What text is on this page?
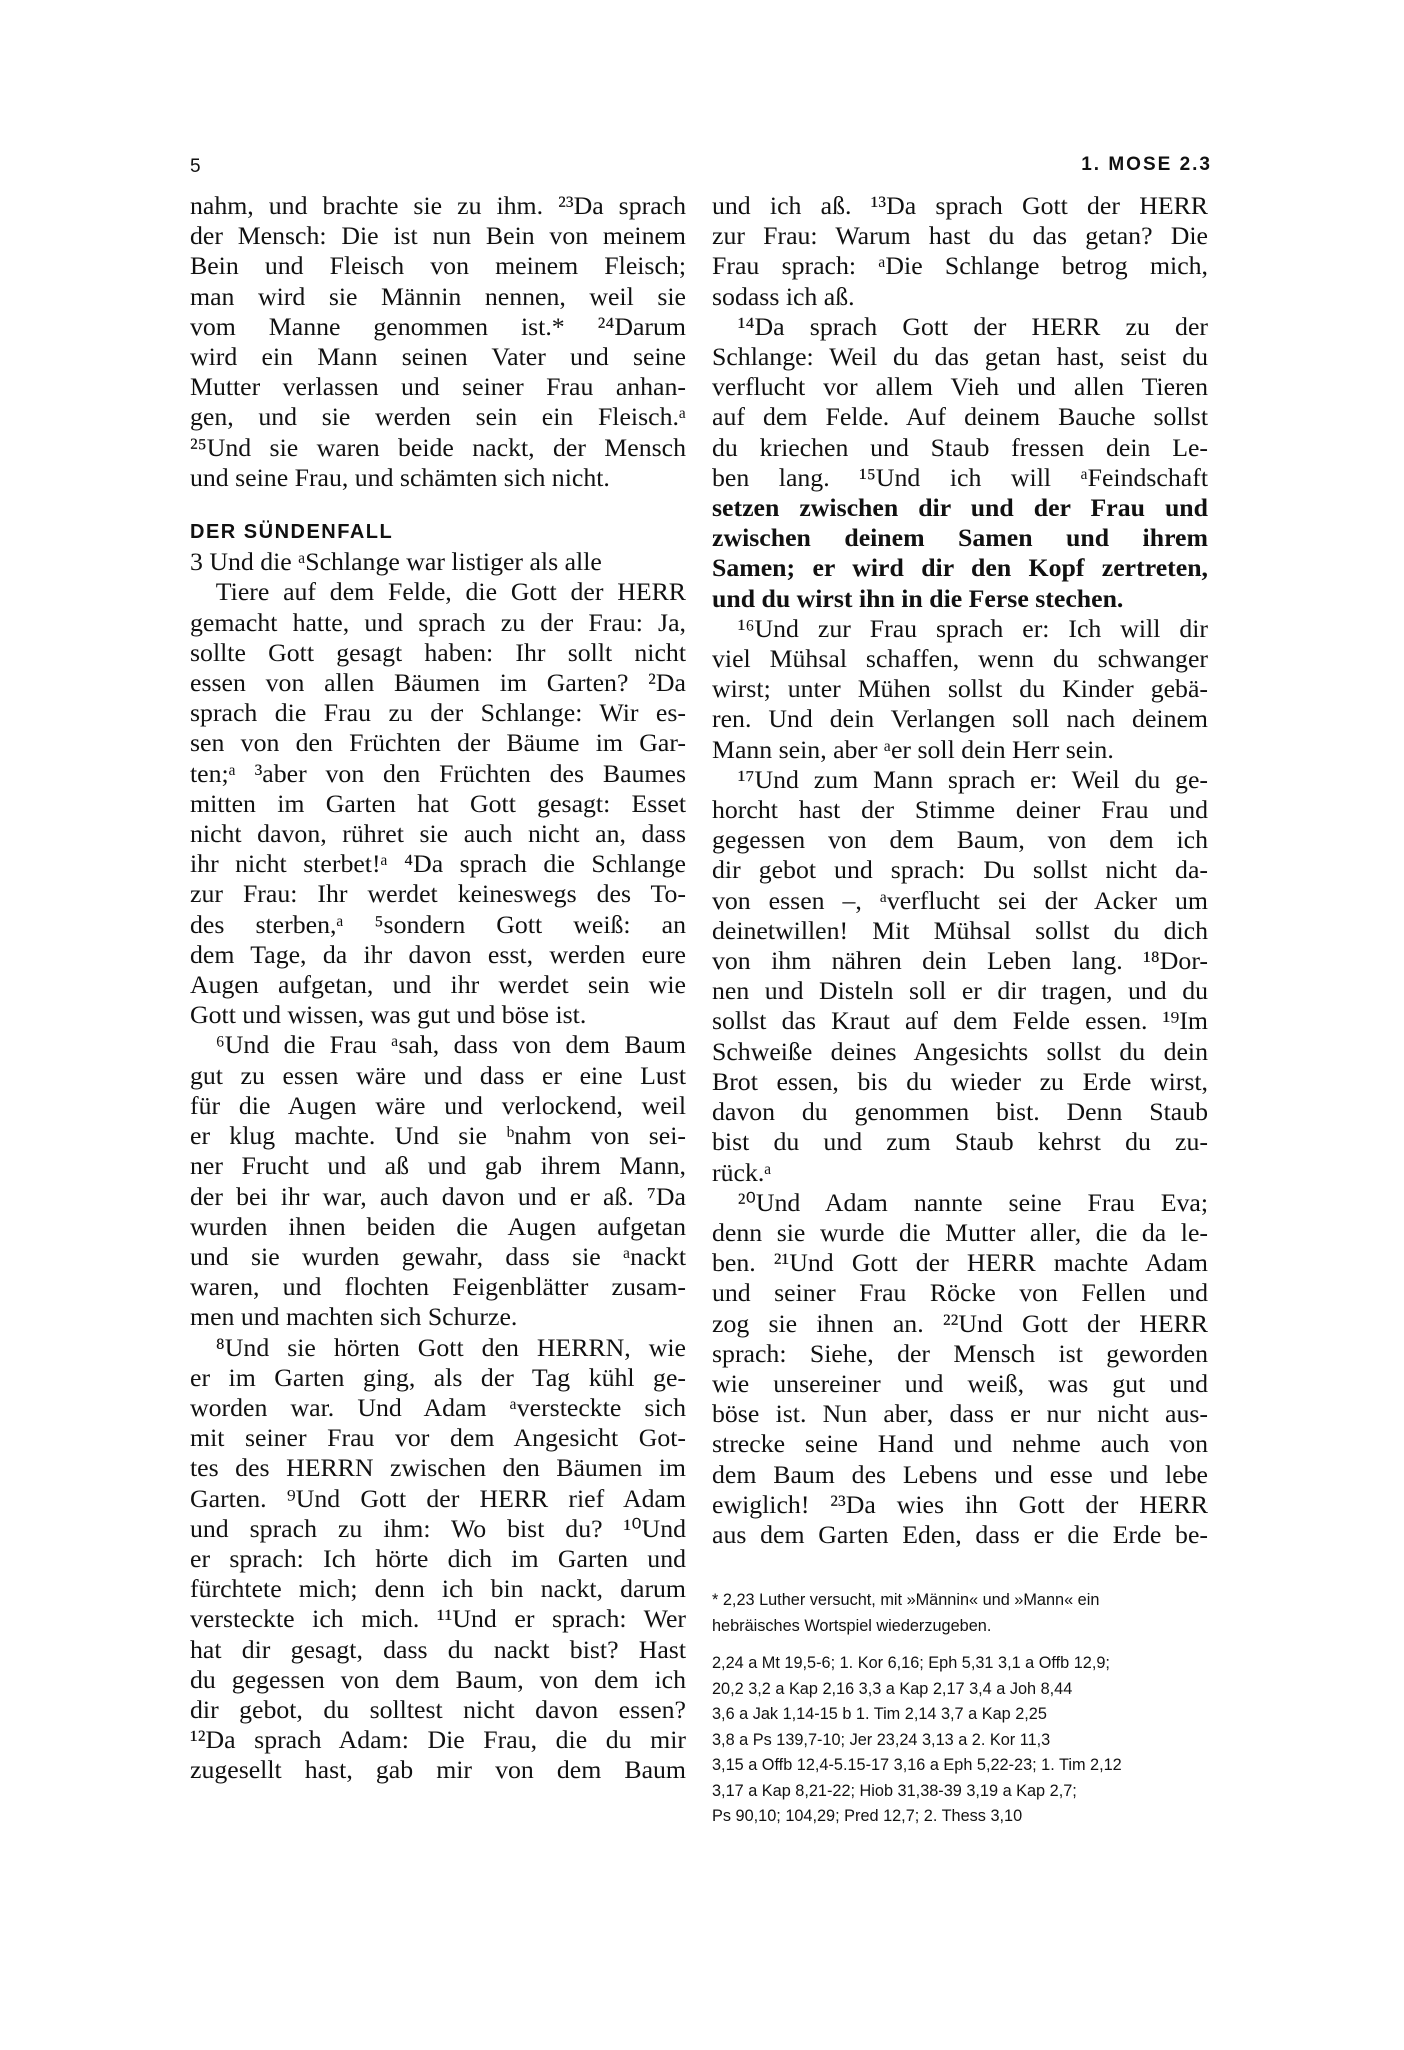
5	1. MOSE 2.3
nahm, und brachte sie zu ihm. ²³Da sprach
der Mensch: Die ist nun Bein von meinem
Bein und Fleisch von meinem Fleisch;
man wird sie Männin nennen, weil sie
vom Manne genommen ist.* ²⁴Darum
wird ein Mann seinen Vater und seine
Mutter verlassen und seiner Frau anhan-
gen, und sie werden sein ein Fleisch.ᵃ
²⁵Und sie waren beide nackt, der Mensch
und seine Frau, und schämten sich nicht.
DER SÜNDENFALL
3 Und die ᵃSchlange war listiger als alle
 Tiere auf dem Felde, die Gott der HERR
gemacht hatte, und sprach zu der Frau: Ja,
sollte Gott gesagt haben: Ihr sollt nicht
essen von allen Bäumen im Garten? ²Da
sprach die Frau zu der Schlange: Wir es-
sen von den Früchten der Bäume im Gar-
ten;ᵃ ³aber von den Früchten des Baumes
mitten im Garten hat Gott gesagt: Esset
nicht davon, rühret sie auch nicht an, dass
ihr nicht sterbet!ᵃ ⁴Da sprach die Schlange
zur Frau: Ihr werdet keineswegs des To-
des sterben,ᵃ ⁵sondern Gott weiß: an
dem Tage, da ihr davon esst, werden eure
Augen aufgetan, und ihr werdet sein wie
Gott und wissen, was gut und böse ist.
 ⁶Und die Frau ᵃsah, dass von dem Baum
gut zu essen wäre und dass er eine Lust
für die Augen wäre und verlockend, weil
er klug machte. Und sie ᵇnahm von sei-
ner Frucht und aß und gab ihrem Mann,
der bei ihr war, auch davon und er aß. ⁷Da
wurden ihnen beiden die Augen aufgetan
und sie wurden gewahr, dass sie ᵃnackt
waren, und flochten Feigenblätter zusam-
men und machten sich Schurze.
 ⁸Und sie hörten Gott den HERRN, wie
er im Garten ging, als der Tag kühl ge-
worden war. Und Adam ᵃversteckte sich
mit seiner Frau vor dem Angesicht Got-
tes des HERRN zwischen den Bäumen im
Garten. ⁹Und Gott der HERR rief Adam
und sprach zu ihm: Wo bist du? ¹⁰Und
er sprach: Ich hörte dich im Garten und
fürchtete mich; denn ich bin nackt, darum
versteckte ich mich. ¹¹Und er sprach: Wer
hat dir gesagt, dass du nackt bist? Hast
du gegessen von dem Baum, von dem ich
dir gebot, du solltest nicht davon essen?
¹²Da sprach Adam: Die Frau, die du mir
zugesellt hast, gab mir von dem Baum
und ich aß. ¹³Da sprach Gott der HERR
zur Frau: Warum hast du das getan? Die
Frau sprach: ᵃDie Schlange betrog mich,
sodass ich aß.
 ¹⁴Da sprach Gott der HERR zu der
Schlange: Weil du das getan hast, seist du
verflucht vor allem Vieh und allen Tieren
auf dem Felde. Auf deinem Bauche sollst
du kriechen und Staub fressen dein Le-
ben lang. ¹⁵Und ich will ᵃFeindschaft
setzen zwischen dir und der Frau und
zwischen deinem Samen und ihrem
Samen; er wird dir den Kopf zertreten,
und du wirst ihn in die Ferse stechen.
 ¹⁶Und zur Frau sprach er: Ich will dir
viel Mühsal schaffen, wenn du schwanger
wirst; unter Mühen sollst du Kinder gebä-
ren. Und dein Verlangen soll nach deinem
Mann sein, aber ᵃer soll dein Herr sein.
 ¹⁷Und zum Mann sprach er: Weil du ge-
horcht hast der Stimme deiner Frau und
gegessen von dem Baum, von dem ich
dir gebot und sprach: Du sollst nicht da-
von essen –, ᵃverflucht sei der Acker um
deinetwillen! Mit Mühsal sollst du dich
von ihm nähren dein Leben lang. ¹⁸Dor-
nen und Disteln soll er dir tragen, und du
sollst das Kraut auf dem Felde essen. ¹⁹Im
Schweiße deines Angesichts sollst du dein
Brot essen, bis du wieder zu Erde wirst,
davon du genommen bist. Denn Staub
bist du und zum Staub kehrst du zu-
rück.ᵃ
 ²⁰Und Adam nannte seine Frau Eva;
denn sie wurde die Mutter aller, die da le-
ben. ²¹Und Gott der HERR machte Adam
und seiner Frau Röcke von Fellen und
zog sie ihnen an. ²²Und Gott der HERR
sprach: Siehe, der Mensch ist geworden
wie unsereiner und weiß, was gut und
böse ist. Nun aber, dass er nur nicht aus-
strecke seine Hand und nehme auch von
dem Baum des Lebens und esse und lebe
ewiglich! ²³Da wies ihn Gott der HERR
aus dem Garten Eden, dass er die Erde be-
* 2,23 Luther versucht, mit »Männin« und »Mann« ein
hebräisches Wortspiel wiederzugeben.
2,24 a Mt 19,5-6; 1. Kor 6,16; Eph 5,31 3,1 a Offb 12,9;
20,2 3,2 a Kap 2,16 3,3 a Kap 2,17 3,4 a Joh 8,44
3,6 a Jak 1,14-15 b 1. Tim 2,14 3,7 a Kap 2,25
3,8 a Ps 139,7-10; Jer 23,24 3,13 a 2. Kor 11,3
3,15 a Offb 12,4-5.15-17 3,16 a Eph 5,22-23; 1. Tim 2,12
3,17 a Kap 8,21-22; Hiob 31,38-39 3,19 a Kap 2,7;
Ps 90,10; 104,29; Pred 12,7; 2. Thess 3,10
